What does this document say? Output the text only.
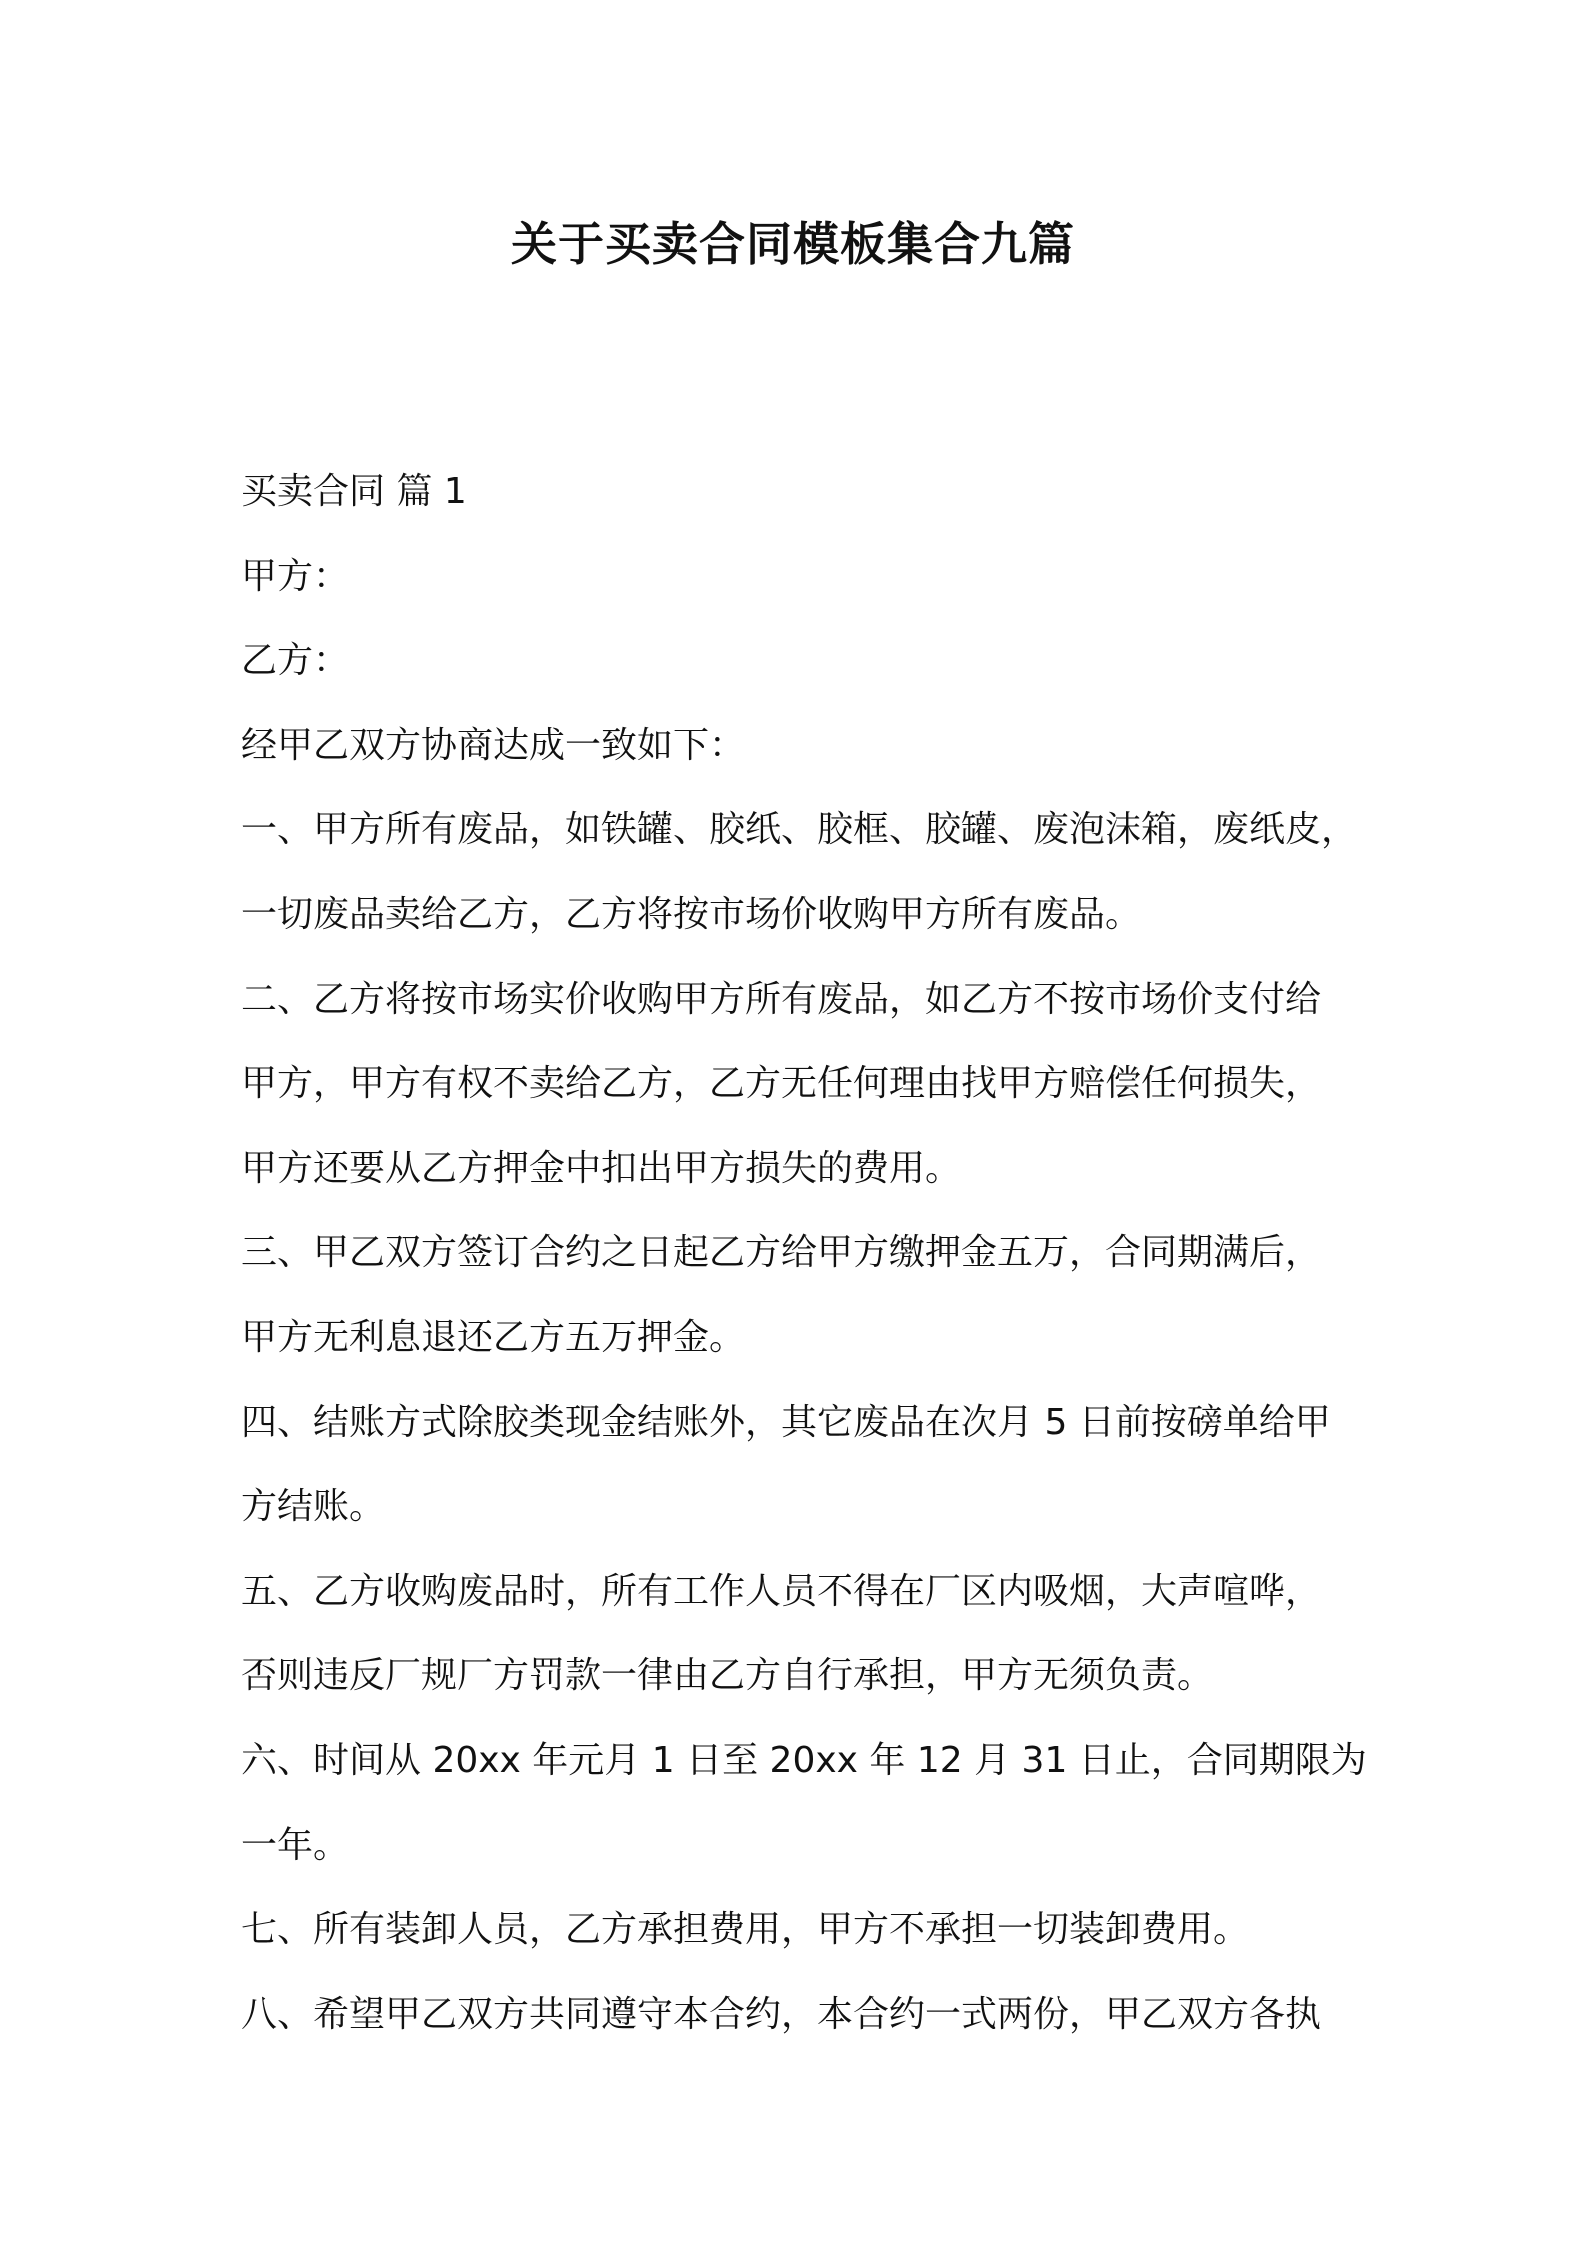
关于买卖合同模板集合九篇
买卖合同 篇 1
甲方：
乙方：
经甲乙双方协商达成一致如下：
一、甲方所有废品，如铁罐、胶纸、胶框、胶罐、废泡沫箱，废纸皮，
一切废品卖给乙方，乙方将按市场价收购甲方所有废品。
二、乙方将按市场实价收购甲方所有废品，如乙方不按市场价支付给
甲方，甲方有权不卖给乙方，乙方无任何理由找甲方赔偿任何损失，
甲方还要从乙方押金中扣出甲方损失的费用。
三、甲乙双方签订合约之日起乙方给甲方缴押金五万，合同期满后，
甲方无利息退还乙方五万押金。
四、结账方式除胶类现金结账外，其它废品在次月 5 日前按磅单给甲
方结账。
五、乙方收购废品时，所有工作人员不得在厂区内吸烟，大声喧哗，
否则违反厂规厂方罚款一律由乙方自行承担，甲方无须负责。
六、时间从 20xx 年元月 1 日至 20xx 年 12 月 31 日止，合同期限为
一年。
七、所有装卸人员，乙方承担费用，甲方不承担一切装卸费用。
八、希望甲乙双方共同遵守本合约，本合约一式两份，甲乙双方各执
